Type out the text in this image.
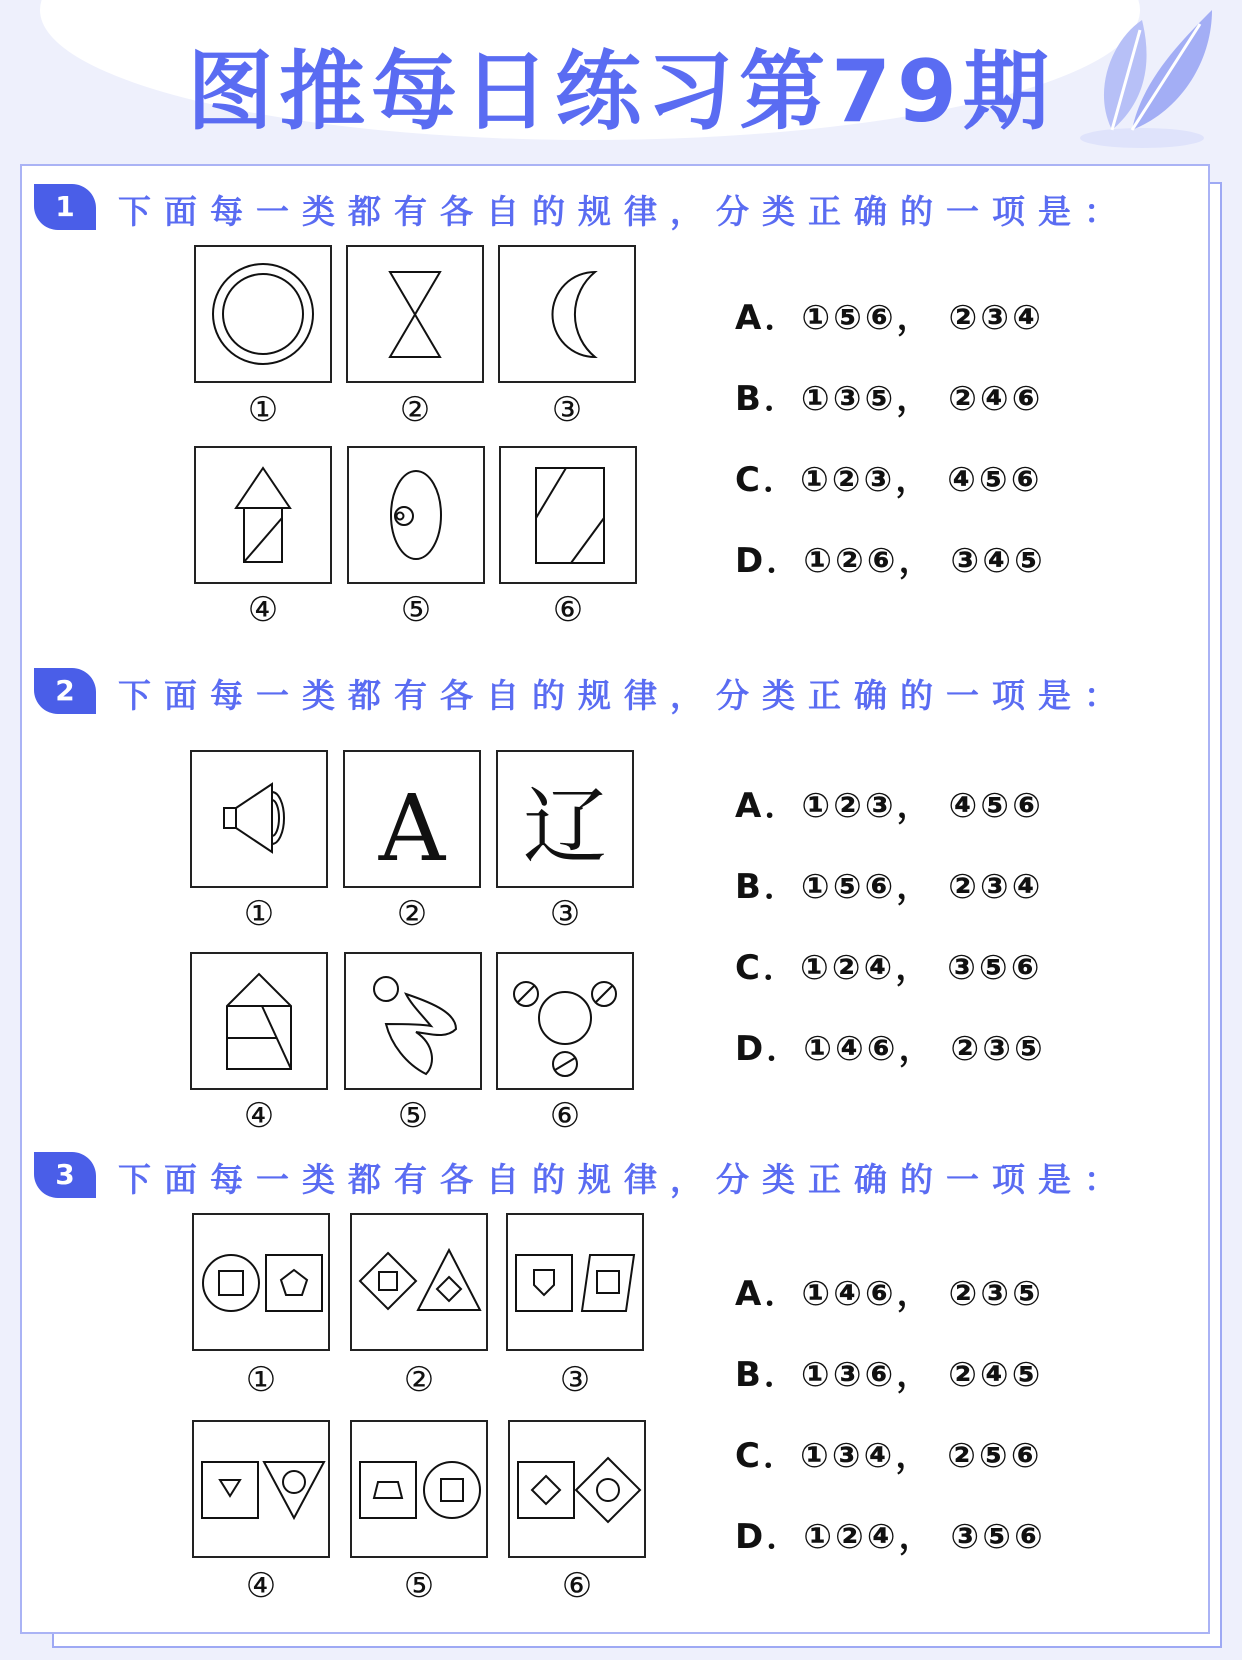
图推每日练习第79期
1	下面每一类都有各自的规律，分类正确的一项是：
①	②	③
④	⑤	⑥
A．①⑤⑥， ②③④
B．①③⑤， ②④⑥
C．①②③， ④⑤⑥
D．①②⑥， ③④⑤
2	下面每一类都有各自的规律，分类正确的一项是：
A 辽
①	②	③
④	⑤	⑥
A．①②③， ④⑤⑥
B．①⑤⑥， ②③④
C．①②④， ③⑤⑥
D．①④⑥， ②③⑤
3	下面每一类都有各自的规律，分类正确的一项是：
①	②	③
④	⑤	⑥
A．①④⑥， ②③⑤
B．①③⑥， ②④⑤
C．①③④， ②⑤⑥
D．①②④， ③⑤⑥
